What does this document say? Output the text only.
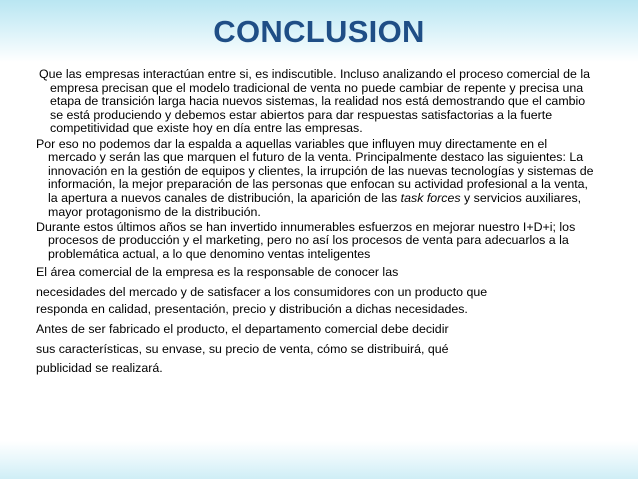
CONCLUSION

Que las empresas interactúan entre si, es indiscutible. Incluso analizando el proceso comercial de la empresa precisan que el modelo tradicional de venta no puede cambiar de repente y precisa una etapa de transición larga hacia nuevos sistemas, la realidad nos está demostrando que el cambio se está produciendo y debemos estar abiertos para dar respuestas satisfactorias a la fuerte competitividad que existe hoy en día entre las empresas.

Por eso no podemos dar la espalda a aquellas variables que influyen muy directamente en el mercado y serán las que marquen el futuro de la venta. Principalmente destaco las siguientes: La innovación en la gestión de equipos y clientes, la irrupción de las nuevas tecnologías y sistemas de información, la mejor preparación de las personas que enfocan su actividad profesional a la venta, la apertura a nuevos canales de distribución, la aparición de las task forces y servicios auxiliares, mayor protagonismo de la distribución.

Durante estos últimos años se han invertido innumerables esfuerzos en mejorar nuestro I+D+i; los procesos de producción y el marketing, pero no así los procesos de venta para adecuarlos a la problemática actual, a lo que denomino ventas inteligentes

El área comercial de la empresa es la responsable de conocer las

necesidades del mercado y de satisfacer a los consumidores con un producto que

responda en calidad, presentación, precio y distribución a dichas necesidades.

Antes de ser fabricado el producto, el departamento comercial debe decidir

sus características, su envase, su precio de venta, cómo se distribuirá, qué

publicidad se realizará.
